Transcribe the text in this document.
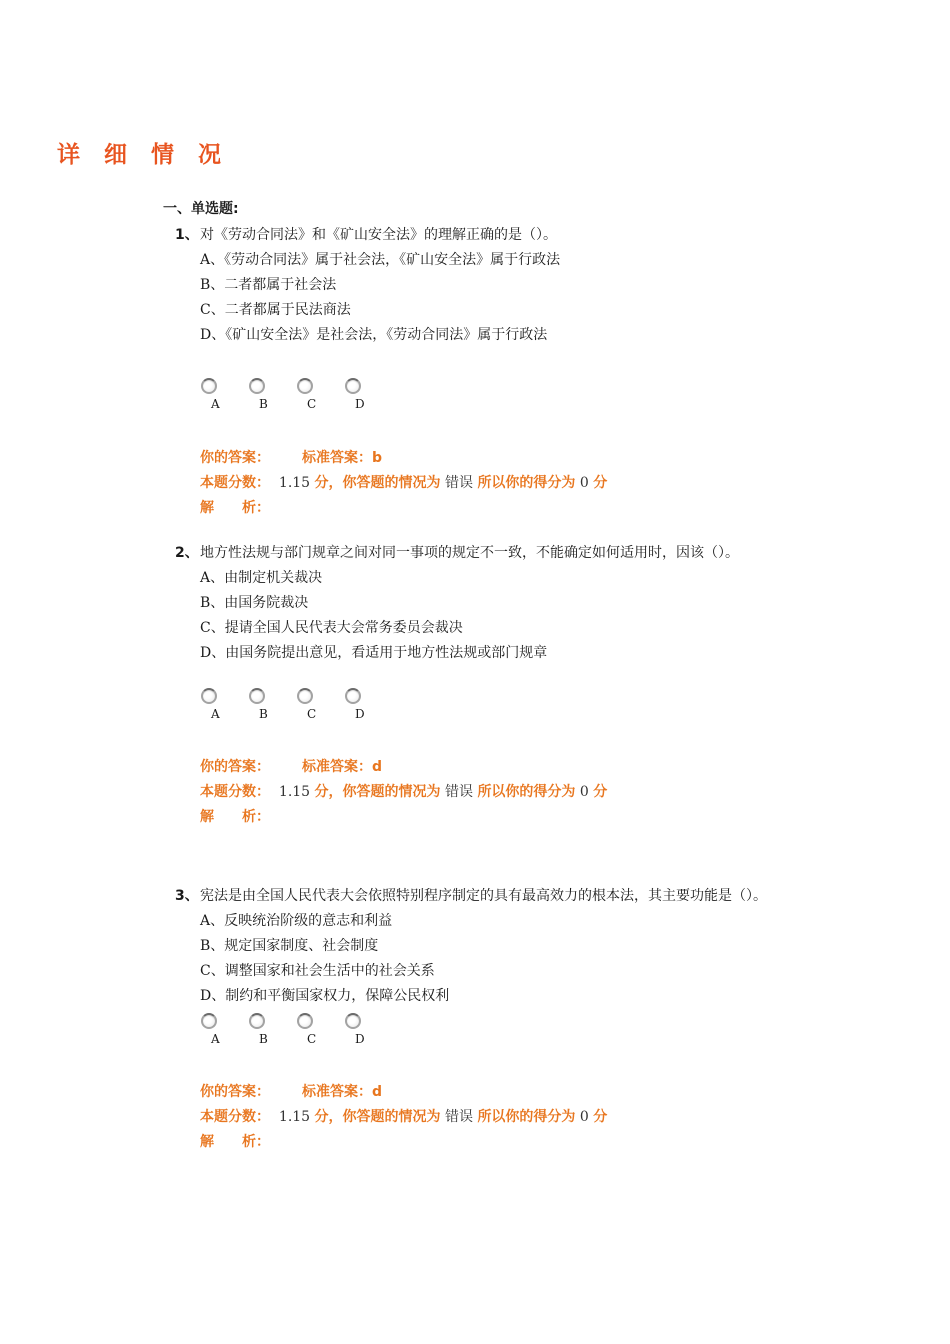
详 细 情 况
一、单选题:
1、 对《劳动合同法》和《矿山安全法》的理解正确的是（）。
A、《劳动合同法》属于社会法，《矿山安全法》属于行政法
B、二者都属于社会法
C、二者都属于民法商法
D、《矿山安全法》是社会法，《劳动合同法》属于行政法
A	B	C	D
你的答案： 标准答案：b
本题分数： 1.15 分，你答题的情况为 错误 所以你的得分为 0 分
解　　析：
2、 地方性法规与部门规章之间对同一事项的规定不一致，不能确定如何适用时，因该（）。
A、由制定机关裁决
B、由国务院裁决
C、提请全国人民代表大会常务委员会裁决
D、由国务院提出意见，看适用于地方性法规或部门规章
A	B	C	D
你的答案： 标准答案：d
本题分数： 1.15 分，你答题的情况为 错误 所以你的得分为 0 分
解　　析：
3、 宪法是由全国人民代表大会依照特别程序制定的具有最高效力的根本法，其主要功能是（）。
A、反映统治阶级的意志和利益
B、规定国家制度、社会制度
C、调整国家和社会生活中的社会关系
D、制约和平衡国家权力，保障公民权利
A	B	C	D
你的答案： 标准答案：d
本题分数： 1.15 分，你答题的情况为 错误 所以你的得分为 0 分
解　　析：
